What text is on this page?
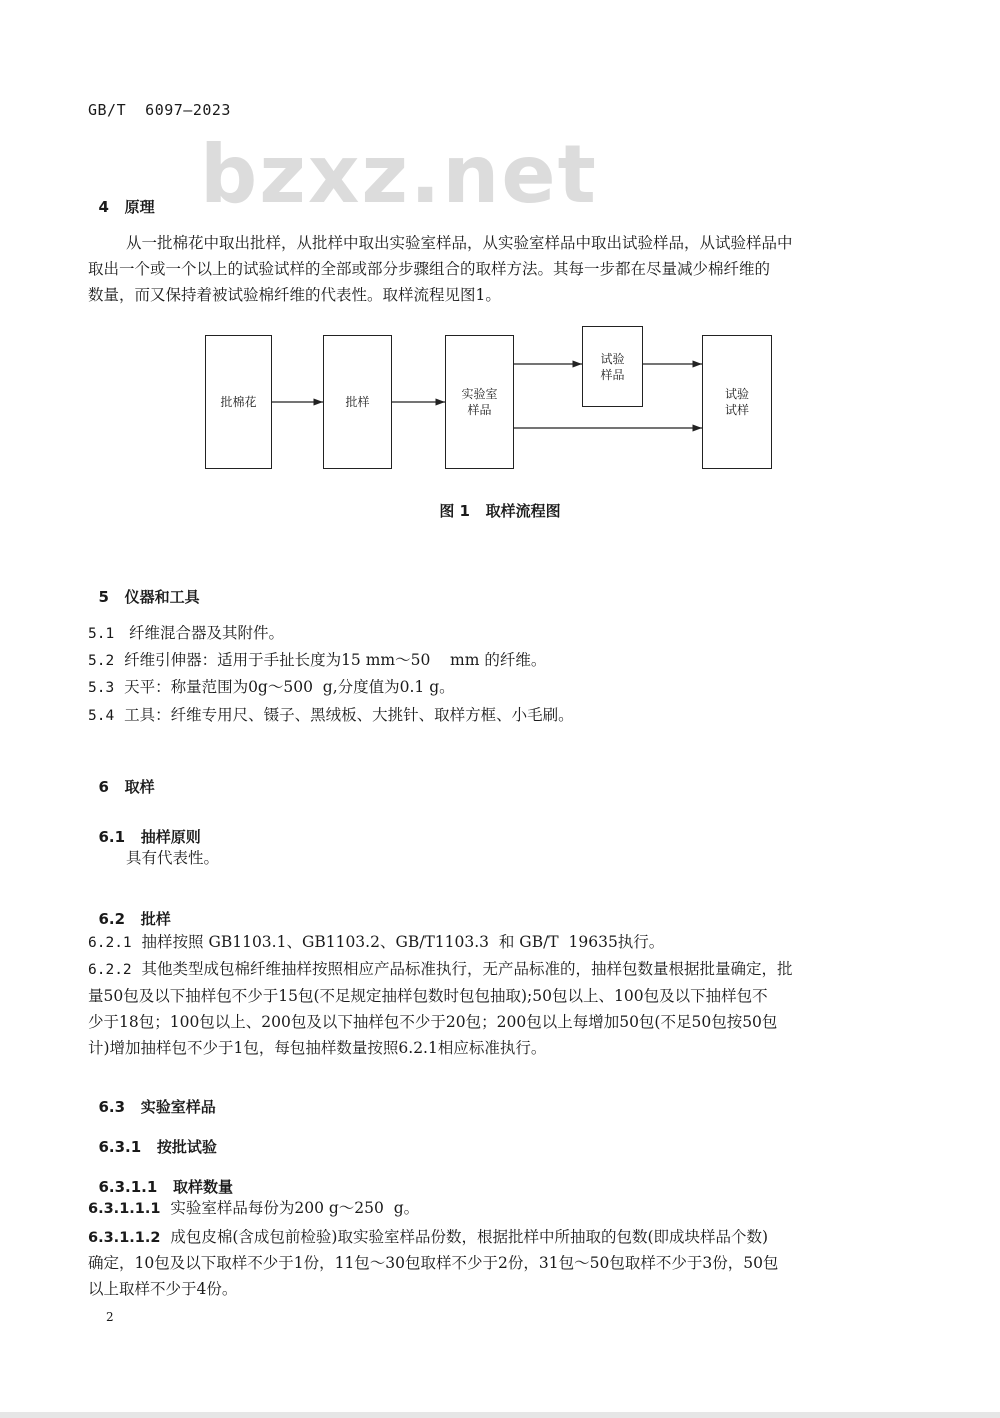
GB/T  6097—2023
bzxz.net

4 原理

从一批棉花中取出批样，从批样中取出实验室样品，从实验室样品中取出试验样品，从试验样品中
取出一个或一个以上的试验试样的全部或部分步骤组合的取样方法。其每一步都在尽量减少棉纤维的
数量，而又保持着被试验棉纤维的代表性。取样流程见图1。
批棉花	批样
实验室
样品
试验
样品
试验
试样
图 1   取样流程图

5 仪器和工具

5.1 纤维混合器及其附件。
5.2 纤维引伸器：适用于手扯长度为15 mm～50    mm 的纤维。
5.3 天平：称量范围为0g～500  g,分度值为0.1 g。
5.4 工具：纤维专用尺、镊子、黑绒板、大挑针、取样方框、小毛刷。

6 取样

6.1 抽样原则

具有代表性。

6.2 批样

6.2.1 抽样按照 GB1103.1、GB1103.2、GB/T1103.3  和 GB/T  19635执行。
6.2.2 其他类型成包棉纤维抽样按照相应产品标准执行，无产品标准的，抽样包数量根据批量确定，批
量50包及以下抽样包不少于15包(不足规定抽样包数时包包抽取);50包以上、100包及以下抽样包不
少于18包；100包以上、200包及以下抽样包不少于20包；200包以上每增加50包(不足50包按50包
计)增加抽样包不少于1包，每包抽样数量按照6.2.1相应标准执行。

6.3 实验室样品

6.3.1 按批试验

6.3.1.1 取样数量

6.3.1.1.1 实验室样品每份为200 g～250  g。
6.3.1.1.2 成包皮棉(含成包前检验)取实验室样品份数，根据批样中所抽取的包数(即成块样品个数)
确定，10包及以下取样不少于1份，11包～30包取样不少于2份，31包～50包取样不少于3份，50包
以上取样不少于4份。
2
